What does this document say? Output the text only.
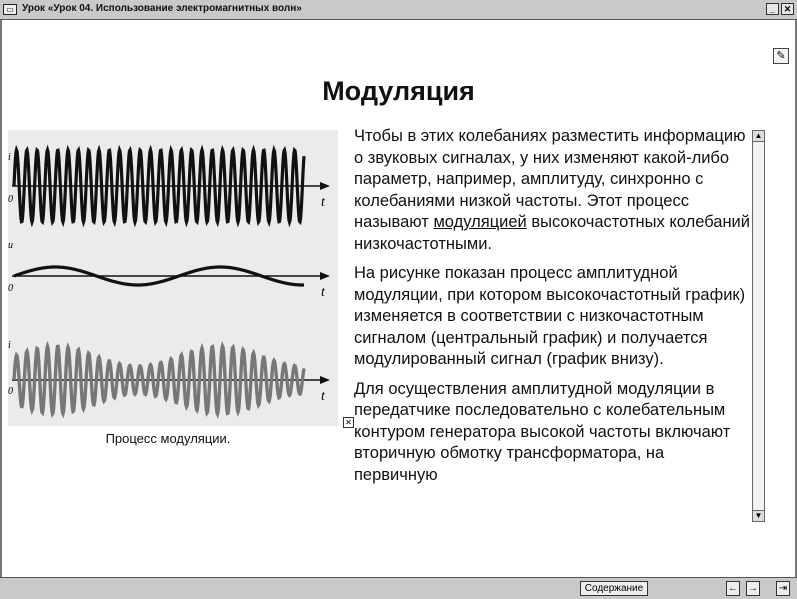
▭ Урок «Урок 04. Использование электромагнитных волн»	_ ✕
✎
Модуляция
i
0	t
u
0	t
i
0	t
Процесс модуляции.
✕

Чтобы в этих колебаниях разместить информацию о звуковых сигналах, у них изменяют какой-либо параметр, например, амплитуду, синхронно с колебаниями низкой частоты. Этот процесс называют модуляцией высокочастотных колебаний низкочастотными.

На рисунке показан процесс амплитудной модуляции, при котором высокочастотный график) изменяется в соответствии с низкочастотным сигналом (центральный график) и получается модулированный сигнал (график внизу).

Для осуществления амплитудной модуляции в передатчике последовательно с колебательным контуром генератора высокой частоты включают вторичную обмотку трансформатора, на первичную

▲
▼
Содержание	← → ⇥
